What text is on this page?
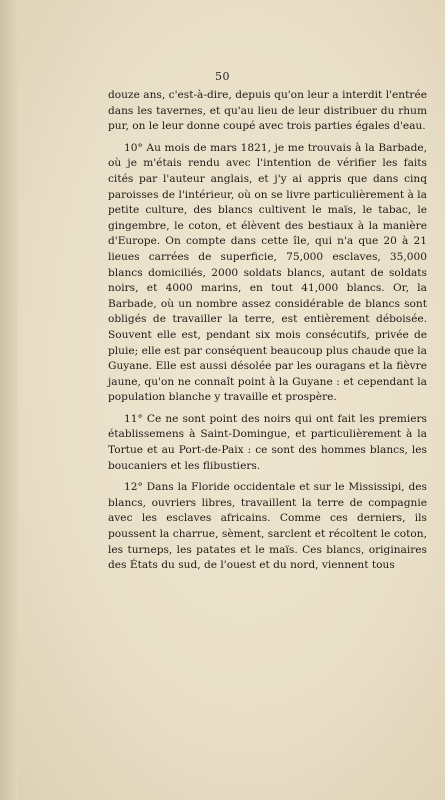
50

douze ans, c'est-à-dire, depuis qu'on leur a interdit l'entrée dans les tavernes, et qu'au lieu de leur distribuer du rhum pur, on le leur donne coupé avec trois parties égales d'eau.

10° Au mois de mars 1821, je me trouvais à la Barbade, où je m'étais rendu avec l'intention de vérifier les faits cités par l'auteur anglais, et j'y ai appris que dans cinq paroisses de l'intérieur, où on se livre particulièrement à la petite culture, des blancs cultivent le maïs, le tabac, le gingembre, le coton, et élèvent des bestiaux à la manière d'Europe. On compte dans cette île, qui n'a que 20 à 21 lieues carrées de superficie, 75,000 esclaves, 35,000 blancs domiciliés, 2000 soldats blancs, autant de soldats noirs, et 4000 marins, en tout 41,000 blancs. Or, la Barbade, où un nombre assez considérable de blancs sont obligés de travailler la terre, est entièrement déboisée. Souvent elle est, pendant six mois consécutifs, privée de pluie; elle est par conséquent beaucoup plus chaude que la Guyane. Elle est aussi désolée par les ouragans et la fièvre jaune, qu'on ne connaît point à la Guyane : et cependant la population blanche y travaille et prospère.

11° Ce ne sont point des noirs qui ont fait les premiers établissemens à Saint-Domingue, et particulièrement à la Tortue et au Port-de-Paix : ce sont des hommes blancs, les boucaniers et les flibustiers.

12° Dans la Floride occidentale et sur le Mississipi, des blancs, ouvriers libres, travaillent la terre de compagnie avec les esclaves africains. Comme ces derniers, ils poussent la charrue, sèment, sarclent et récoltent le coton, les turneps, les patates et le maïs. Ces blancs, originaires des États du sud, de l'ouest et du nord, viennent tous
